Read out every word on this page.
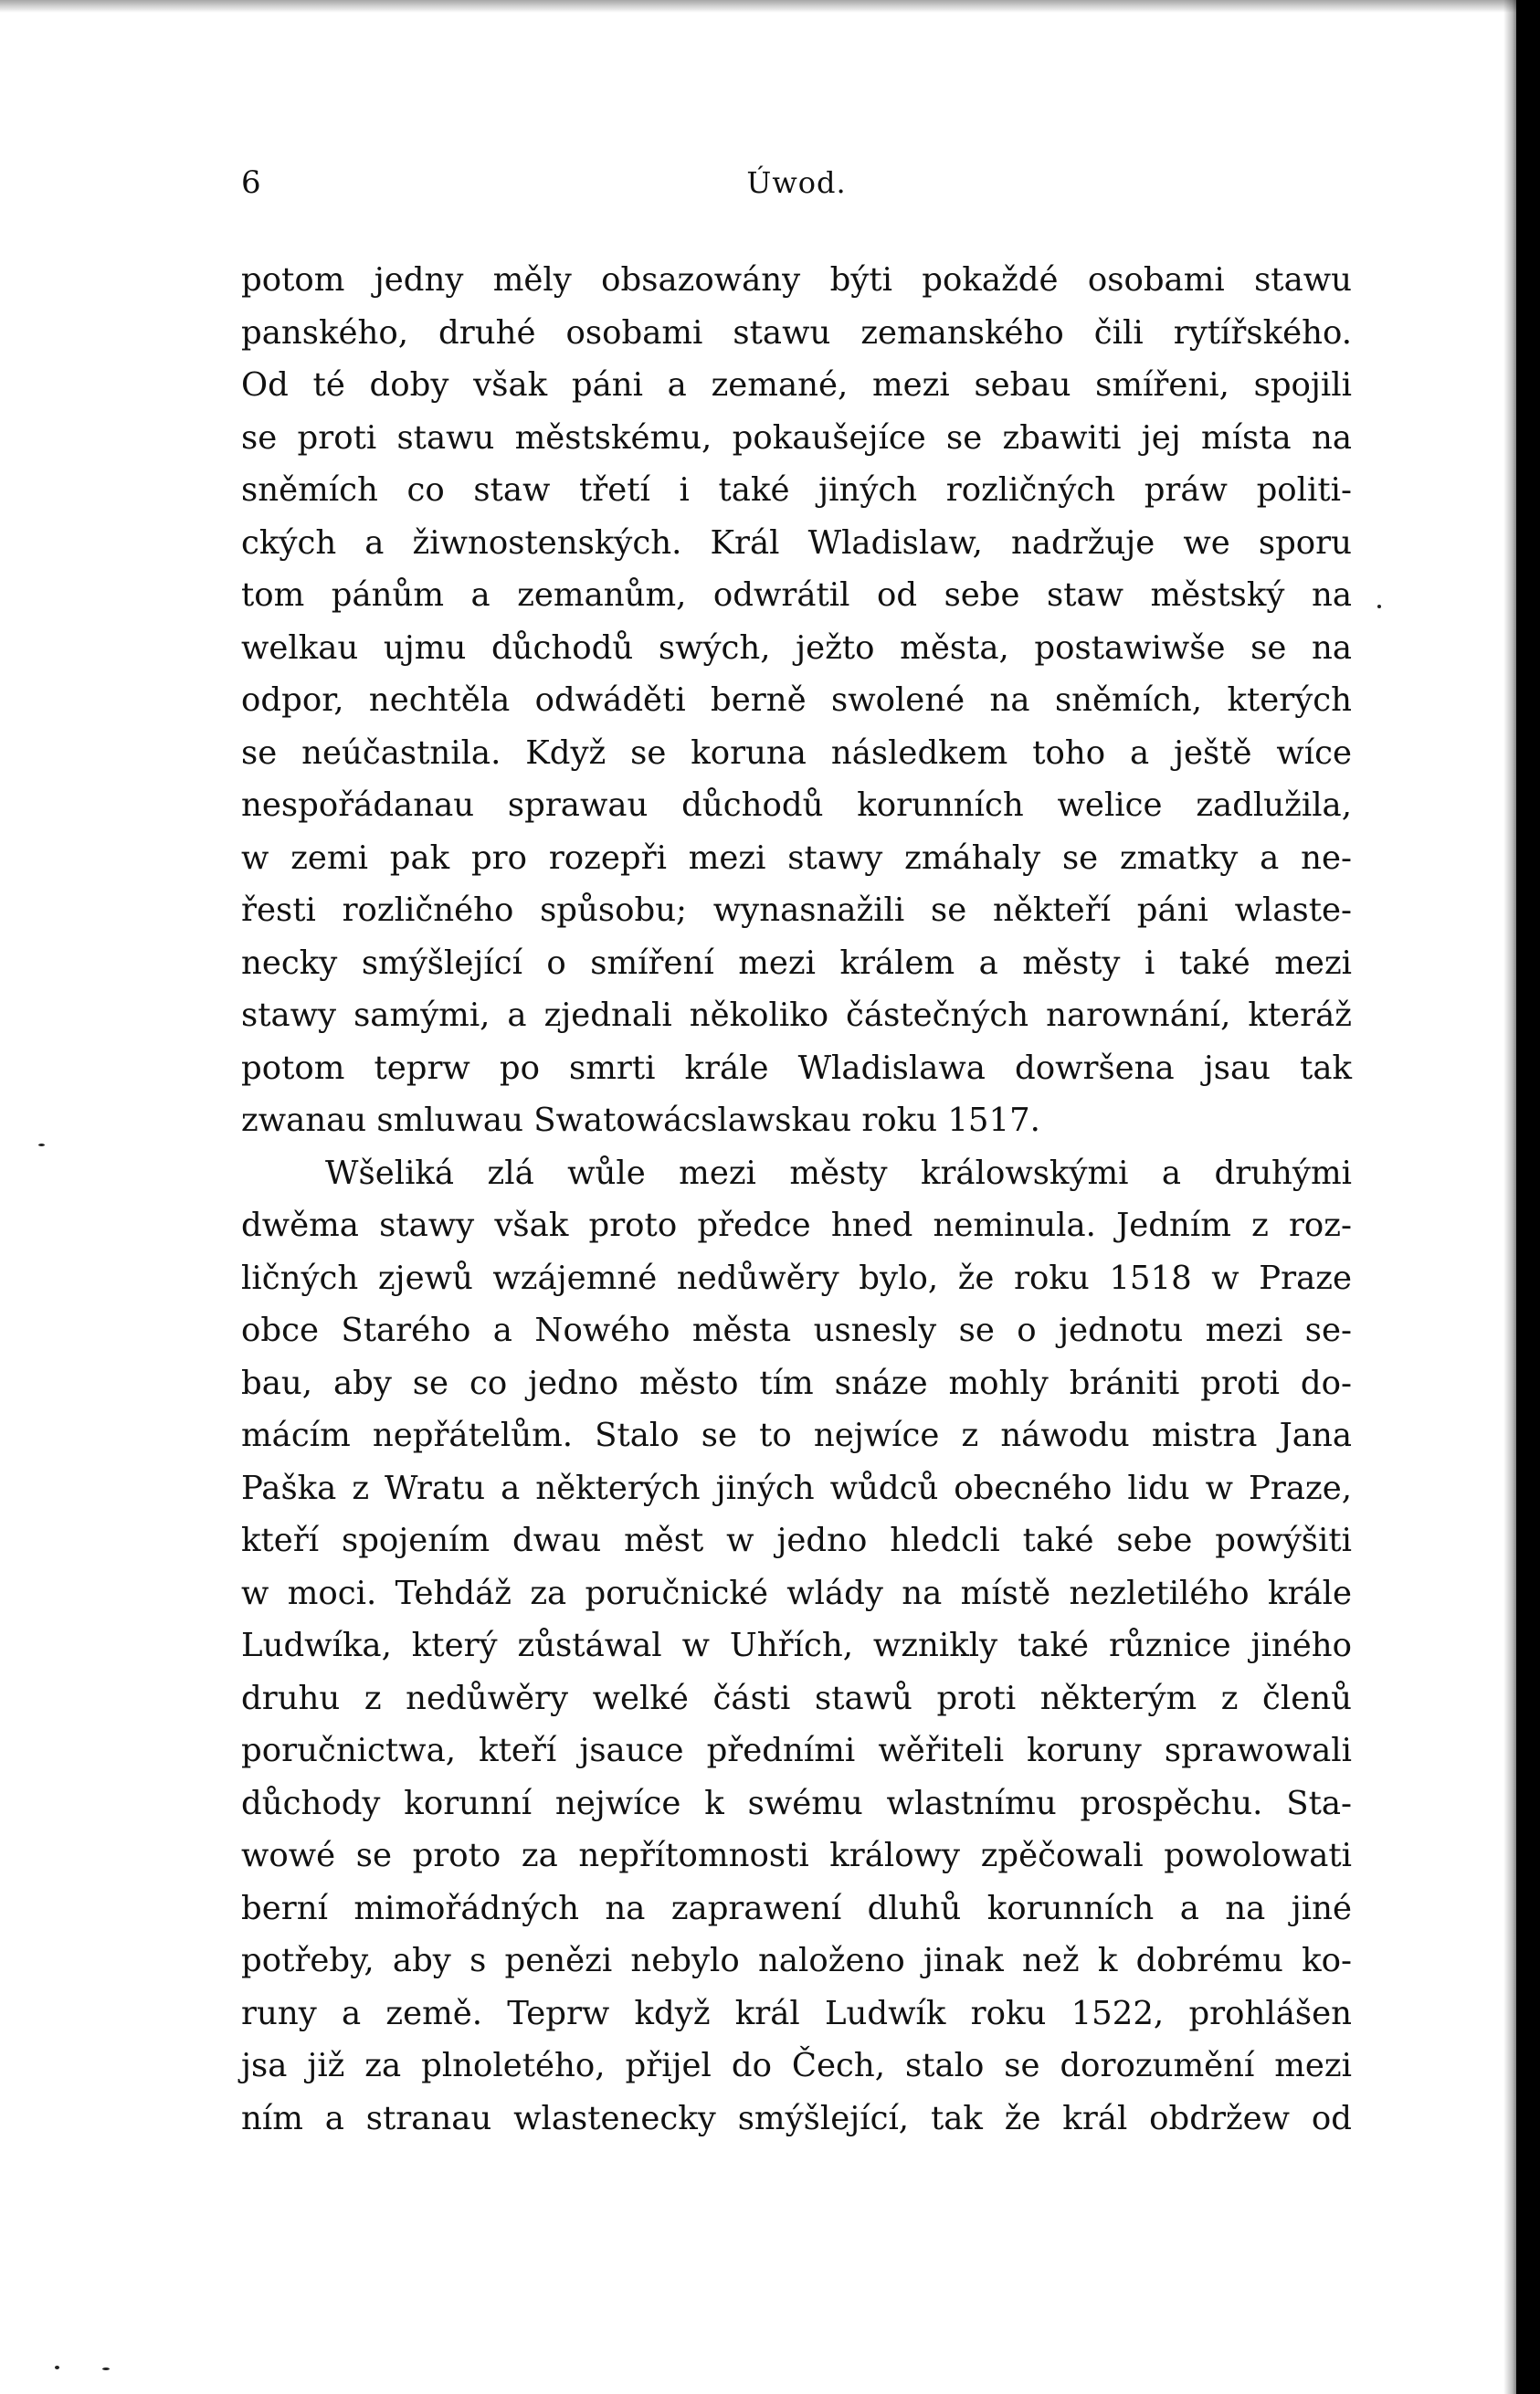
6	Úwod.
potom jedny měly obsazowány býti pokaždé osobami stawu
panského, druhé osobami stawu zemanského čili rytířského.
Od té doby však páni a zemané, mezi sebau smířeni, spojili
se proti stawu městskému, pokaušejíce se zbawiti jej místa na
sněmích co staw třetí i také jiných rozličných práw politi-
ckých a žiwnostenských. Král Wladislaw, nadržuje we sporu
tom pánům a zemanům, odwrátil od sebe staw městský na
welkau ujmu důchodů swých, ježto města, postawiwše se na
odpor, nechtěla odwáděti berně swolené na sněmích, kterých
se neúčastnila. Když se koruna následkem toho a ještě wíce
nespořádanau sprawau důchodů korunních welice zadlužila,
w zemi pak pro rozepři mezi stawy zmáhaly se zmatky a ne-
řesti rozličného spůsobu; wynasnažili se někteří páni wlaste-
necky smýšlející o smíření mezi králem a městy i také mezi
stawy samými, a zjednali několiko částečných narownání, kteráž
potom teprw po smrti krále Wladislawa dowršena jsau tak
zwanau smluwau Swatowácslawskau roku 1517.
Wšeliká zlá wůle mezi městy králowskými a druhými
dwěma stawy však proto předce hned neminula. Jedním z roz-
ličných zjewů wzájemné nedůwěry bylo, že roku 1518 w Praze
obce Starého a Nowého města usnesly se o jednotu mezi se-
bau, aby se co jedno město tím snáze mohly brániti proti do-
mácím nepřátelům. Stalo se to nejwíce z náwodu mistra Jana
Paška z Wratu a některých jiných wůdců obecného lidu w Praze,
kteří spojením dwau měst w jedno hledcli také sebe powýšiti
w moci. Tehdáž za poručnické wlády na místě nezletilého krále
Ludwíka, který zůstáwal w Uhřích, wznikly také různice jiného
druhu z nedůwěry welké části stawů proti některým z členů
poručnictwa, kteří jsauce předními wěřiteli koruny sprawowali
důchody korunní nejwíce k swému wlastnímu prospěchu. Sta-
wowé se proto za nepřítomnosti králowy zpěčowali powolowati
berní mimořádných na zaprawení dluhů korunních a na jiné
potřeby, aby s penězi nebylo naloženo jinak než k dobrému ko-
runy a země. Teprw když král Ludwík roku 1522, prohlášen
jsa již za plnoletého, přijel do Čech, stalo se dorozumění mezi
ním a stranau wlastenecky smýšlející, tak že král obdržew od
